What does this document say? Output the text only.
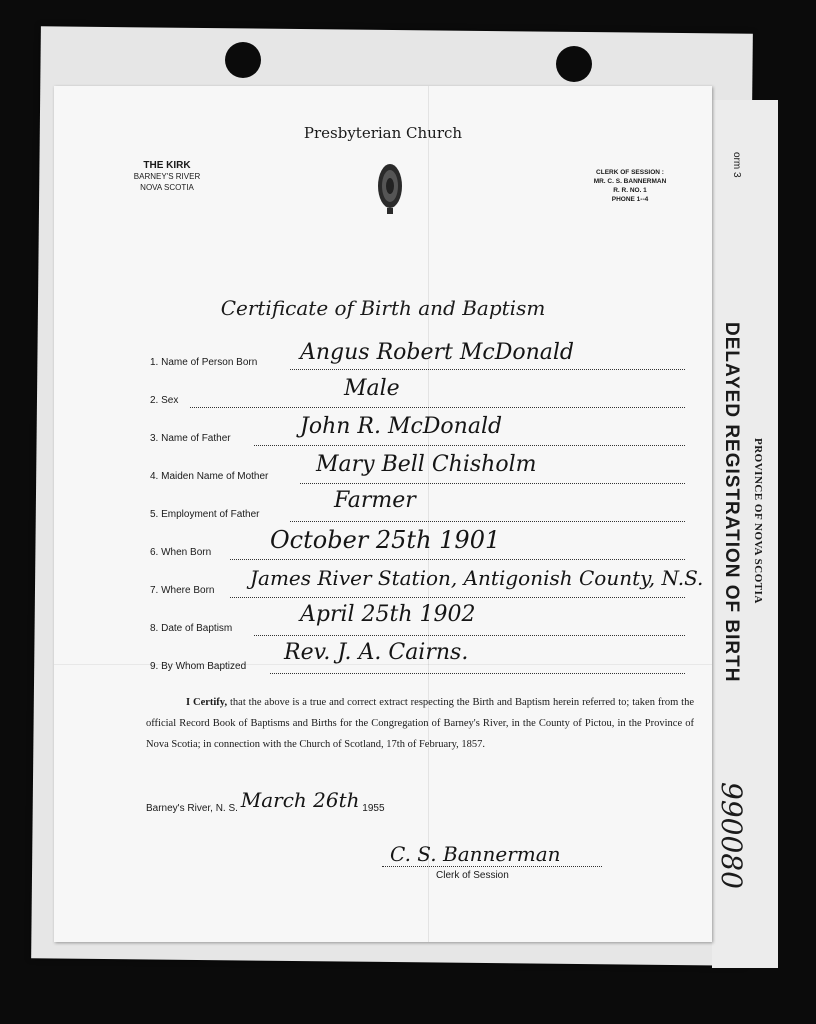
orm 3
DELAYED REGISTRATION OF BIRTH PROVINCE OF NOVA SCOTIA
990080
Presbyterian Church
THE KIRK
BARNEY'S RIVER
NOVA SCOTIA
CLERK OF SESSION :
MR. C. S. BANNERMAN
R. R. NO. 1
PHONE 1--4
Certificate of Birth and Baptism
1. Name of Person Born Angus Robert McDonald
2. Sex	Male
3. Name of Father	John R. McDonald
4. Maiden Name of Mother Mary Bell Chisholm
5. Employment of Father
Farmer
6. When Born October 25th 1901
7. Where Born
James River Station, Antigonish County, N.S.
8. Date of Baptism
April 25th 1902
9. By Whom Baptized
Rev. J. A. Cairns.
I Certify, that the above is a true and correct extract respecting the Birth and Baptism herein referred to; taken from the official Record Book of Baptisms and Births for the Congregation of Barney's River, in the County of Pictou, in the Province of Nova Scotia; in connection with the Church of Scotland, 17th of February, 1857.
Barney's River, N. S. March 26th 1955
C. S. Bannerman
Clerk of Session
